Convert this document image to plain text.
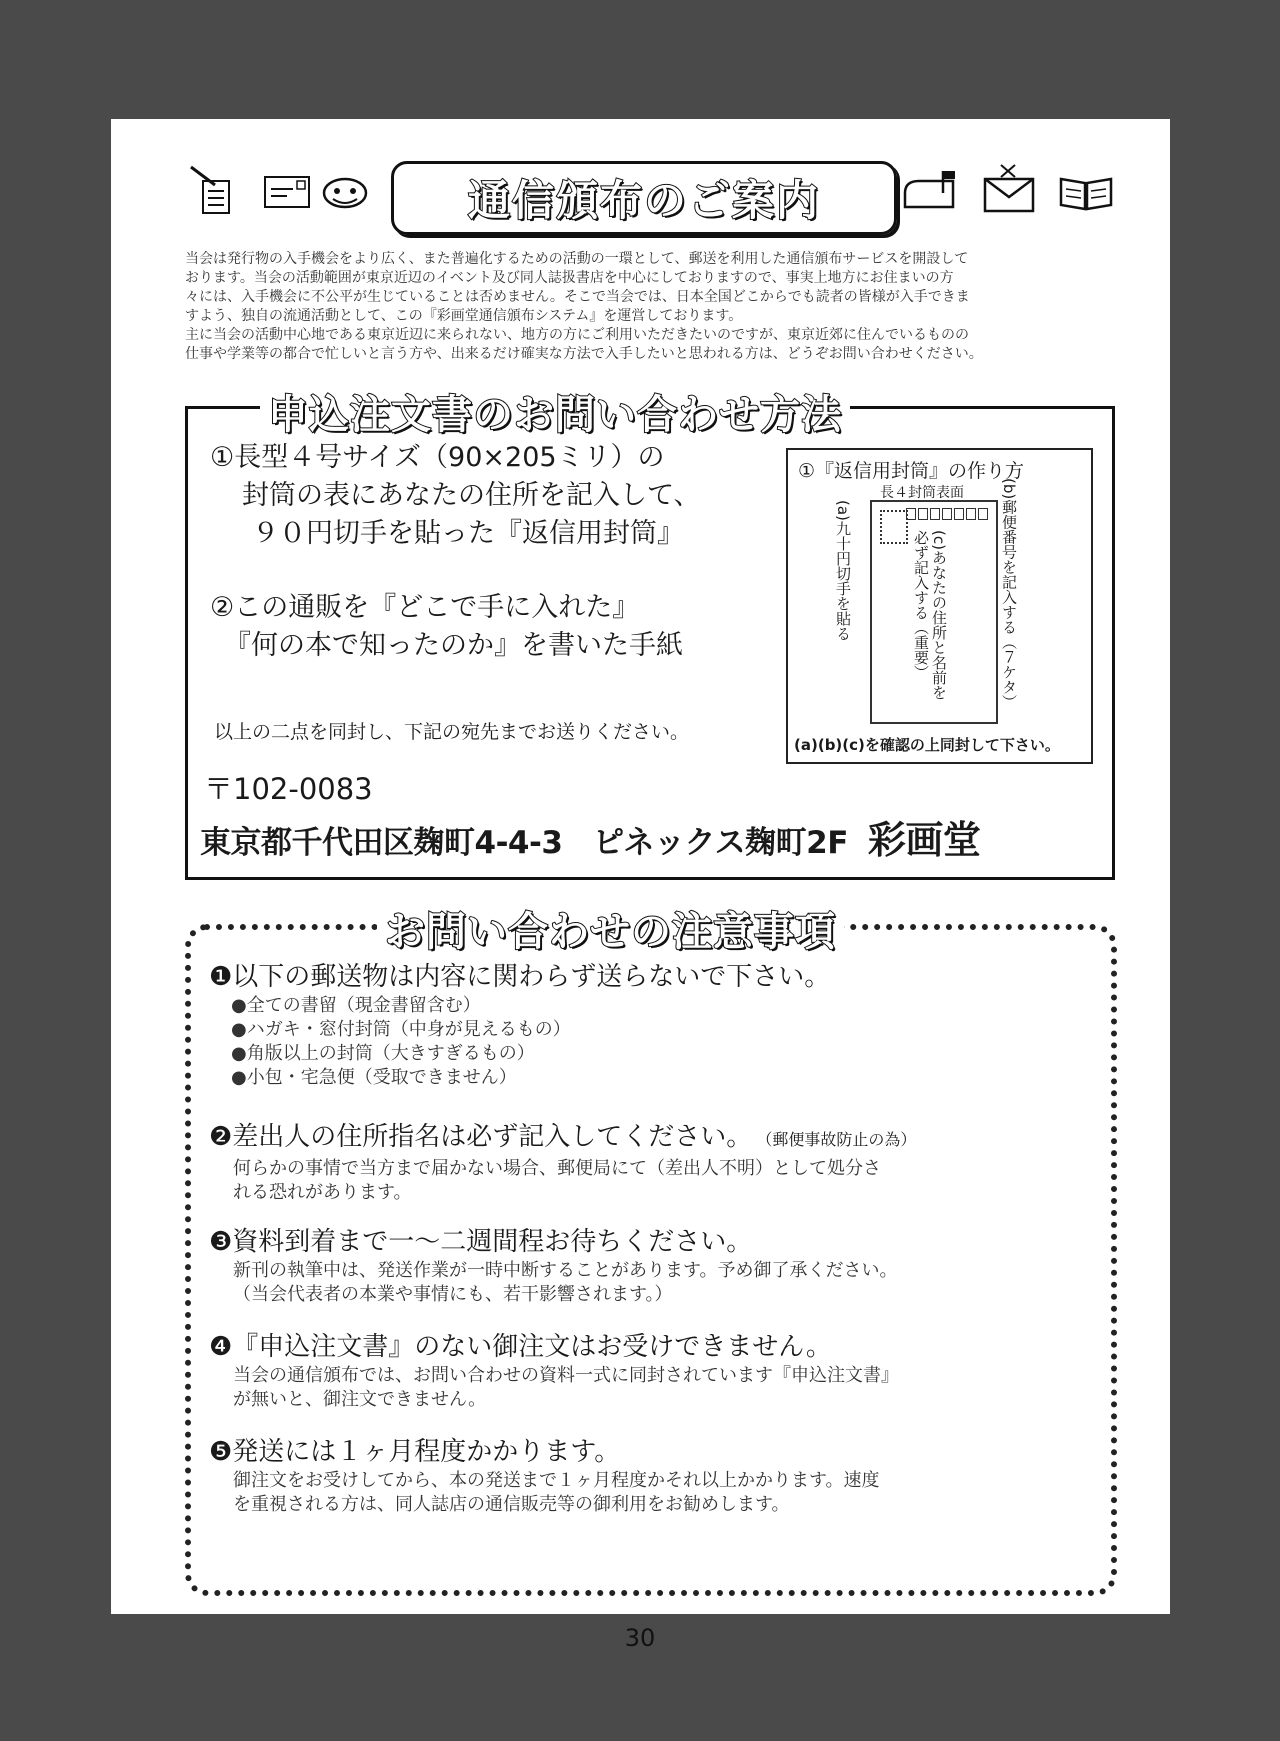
通信頒布のご案内

当会は発行物の入手機会をより広く、また普遍化するための活動の一環として、郵送を利用した通信頒布サービスを開設して

おります。当会の活動範囲が東京近辺のイベント及び同人誌扱書店を中心にしておりますので、事実上地方にお住まいの方

々には、入手機会に不公平が生じていることは否めません。そこで当会では、日本全国どこからでも読者の皆様が入手できま

すよう、独自の流通活動として、この『彩画堂通信頒布システム』を運営しております。

主に当会の活動中心地である東京近辺に来られない、地方の方にご利用いただきたいのですが、東京近郊に住んでいるものの

仕事や学業等の都合で忙しいと言う方や、出来るだけ確実な方法で入手したいと思われる方は、どうぞお問い合わせください。

申込注文書のお問い合わせ方法
①長型４号サイズ（90×205ミリ）の
封筒の表にあなたの住所を記入して、
９０円切手を貼った『返信用封筒』
②この通販を『どこで手に入れた』
『何の本で知ったのか』を書いた手紙
以上の二点を同封し、下記の宛先までお送りください。
〒102-0083
東京都千代田区麹町4-4-3　ピネックス麹町2F 彩画堂
①『返信用封筒』の作り方
長４封筒表面
(a)九十円切手を貼る	(c)あなたの住所と名前を
必ず記入する（重要）	(b)郵便番号を記入する（７ケタ）
(a)(b)(c)を確認の上同封して下さい。
お問い合わせの注意事項
❶以下の郵送物は内容に関わらず送らないで下さい。
●全ての書留（現金書留含む）
●ハガキ・窓付封筒（中身が見えるもの）
●角版以上の封筒（大きすぎるもの）
●小包・宅急便（受取できません）
❷差出人の住所指名は必ず記入してください。 （郵便事故防止の為）
何らかの事情で当方まで届かない場合、郵便局にて（差出人不明）として処分さ
れる恐れがあります。
❸資料到着まで一～二週間程お待ちください。
新刊の執筆中は、発送作業が一時中断することがあります。予め御了承ください。
（当会代表者の本業や事情にも、若干影響されます。）
❹『申込注文書』のない御注文はお受けできません。
当会の通信頒布では、お問い合わせの資料一式に同封されています『申込注文書』
が無いと、御注文できません。
❺発送には１ヶ月程度かかります。
御注文をお受けしてから、本の発送まで１ヶ月程度かそれ以上かかります。速度
を重視される方は、同人誌店の通信販売等の御利用をお勧めします。
30
